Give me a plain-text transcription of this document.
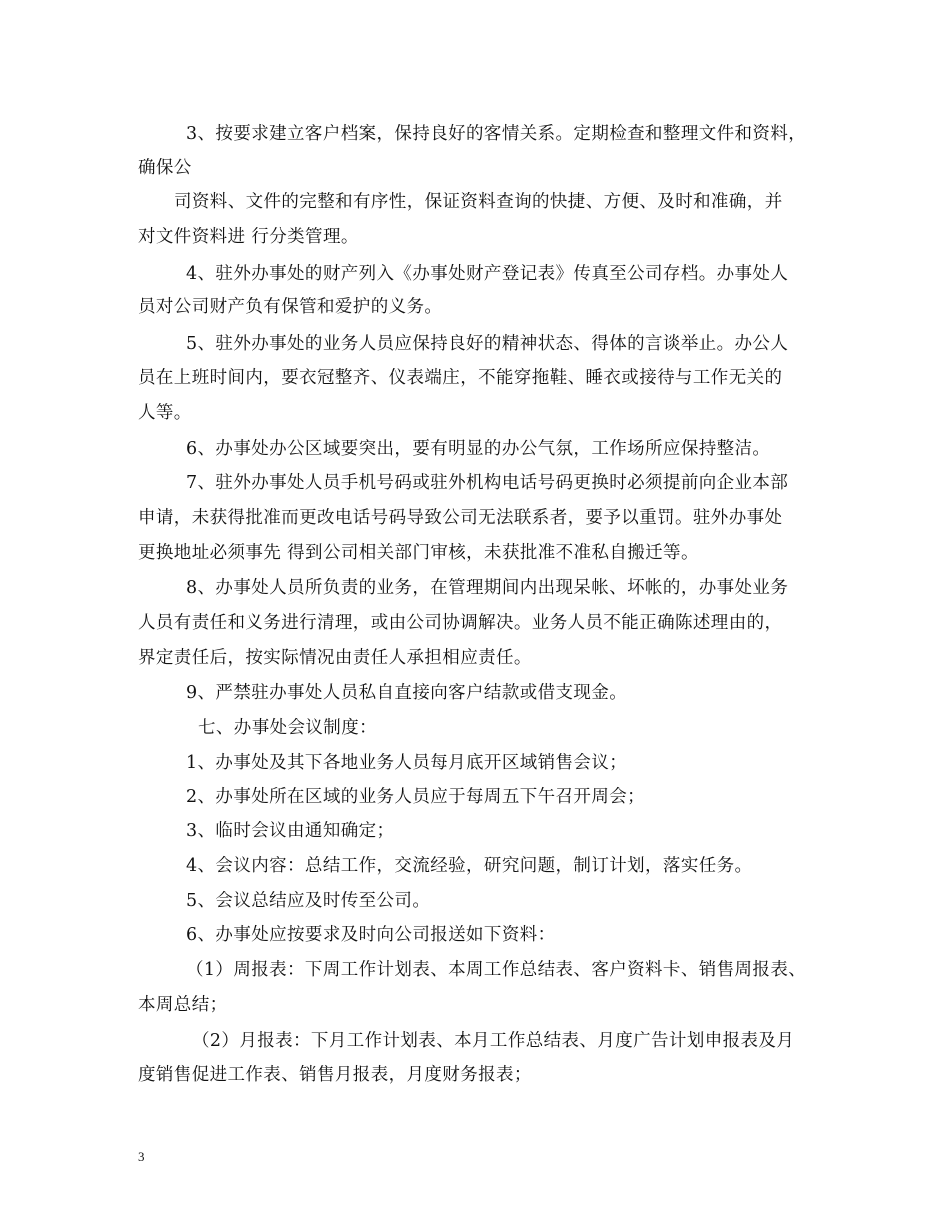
3、按要求建立客户档案，保持良好的客情关系。定期检查和整理文件和资料，
确保公
司资料、文件的完整和有序性，保证资料查询的快捷、方便、及时和准确，并
对文件资料进 行分类管理。
4、驻外办事处的财产列入《办事处财产登记表》传真至公司存档。办事处人
员对公司财产负有保管和爱护的义务。
5、驻外办事处的业务人员应保持良好的精神状态、得体的言谈举止。办公人
员在上班时间内，要衣冠整齐、仪表端庄，不能穿拖鞋、睡衣或接待与工作无关的
人等。
6、办事处办公区域要突出，要有明显的办公气氛，工作场所应保持整洁。
7、驻外办事处人员手机号码或驻外机构电话号码更换时必须提前向企业本部
申请，未获得批准而更改电话号码导致公司无法联系者，要予以重罚。驻外办事处
更换地址必须事先 得到公司相关部门审核，未获批准不准私自搬迁等。
8、办事处人员所负责的业务，在管理期间内出现呆帐、坏帐的，办事处业务
人员有责任和义务进行清理，或由公司协调解决。业务人员不能正确陈述理由的，
界定责任后，按实际情况由责任人承担相应责任。
9、严禁驻办事处人员私自直接向客户结款或借支现金。
七、办事处会议制度：
1、办事处及其下各地业务人员每月底开区域销售会议；
2、办事处所在区域的业务人员应于每周五下午召开周会；
3、临时会议由通知确定；
4、会议内容：总结工作，交流经验，研究问题，制订计划，落实任务。
5、会议总结应及时传至公司。
6、办事处应按要求及时向公司报送如下资料：
（1）周报表：下周工作计划表、本周工作总结表、客户资料卡、销售周报表、
本周总结；
（2）月报表：下月工作计划表、本月工作总结表、月度广告计划申报表及月
度销售促进工作表、销售月报表，月度财务报表；
3
